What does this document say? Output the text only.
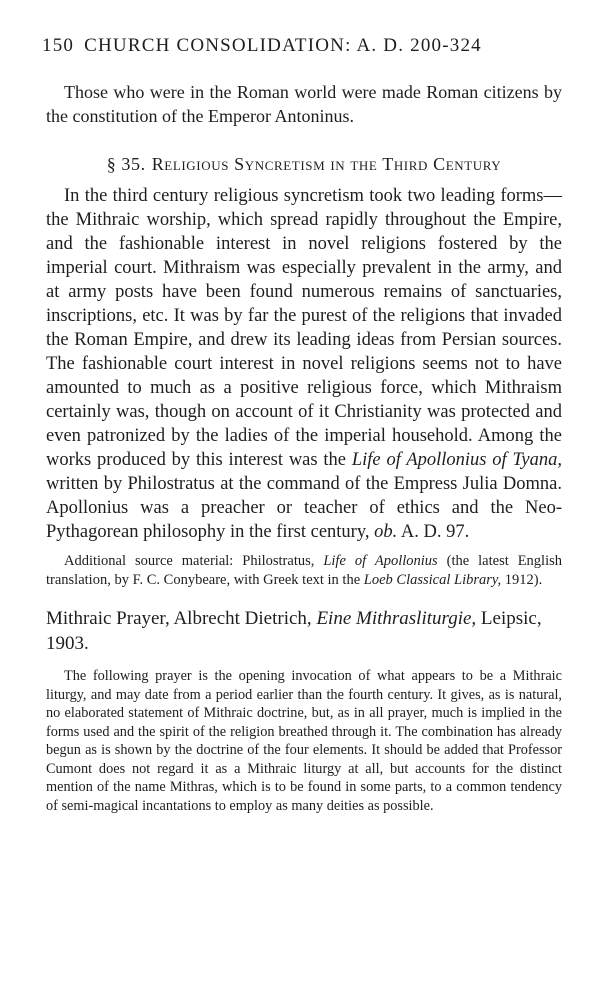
150 CHURCH CONSOLIDATION: A. D. 200-324

Those who were in the Roman world were made Roman citizens by the constitution of the Emperor Antoninus.

§ 35. Religious Syncretism in the Third Century

In the third century religious syncretism took two leading forms—the Mithraic worship, which spread rapidly throughout the Empire, and the fashionable interest in novel religions fostered by the imperial court. Mithraism was especially prevalent in the army, and at army posts have been found numerous remains of sanctuaries, inscriptions, etc. It was by far the purest of the religions that invaded the Roman Empire, and drew its leading ideas from Persian sources. The fashionable court interest in novel religions seems not to have amounted to much as a positive religious force, which Mithraism certainly was, though on account of it Christianity was protected and even patronized by the ladies of the imperial household. Among the works produced by this interest was the Life of Apollonius of Tyana, written by Philostratus at the command of the Empress Julia Domna. Apollonius was a preacher or teacher of ethics and the Neo-Pythagorean philosophy in the first century, ob. A. D. 97.

Additional source material: Philostratus, Life of Apollonius (the latest English translation, by F. C. Conybeare, with Greek text in the Loeb Classical Library, 1912).

Mithraic Prayer, Albrecht Dietrich, Eine Mithrasliturgie, Leipsic, 1903.

The following prayer is the opening invocation of what appears to be a Mithraic liturgy, and may date from a period earlier than the fourth century. It gives, as is natural, no elaborated statement of Mithraic doctrine, but, as in all prayer, much is implied in the forms used and the spirit of the religion breathed through it. The combination has already begun as is shown by the doctrine of the four elements. It should be added that Professor Cumont does not regard it as a Mithraic liturgy at all, but accounts for the distinct mention of the name Mithras, which is to be found in some parts, to a common tendency of semi-magical incantations to employ as many deities as possible.
